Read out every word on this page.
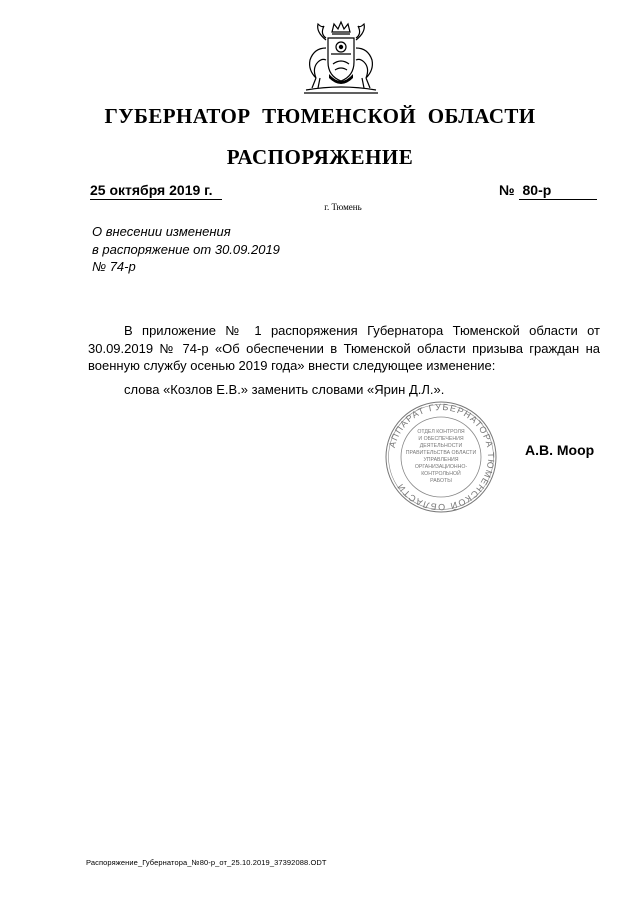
ГУБЕРНАТОР ТЮМЕНСКОЙ ОБЛАСТИ
РАСПОРЯЖЕНИЕ
25 октября 2019 г.	№ 80-р
г. Тюмень
О внесении изменения
в распоряжение от 30.09.2019
№ 74-р

В приложение № 1 распоряжения Губернатора Тюменской области от 30.09.2019 № 74-р «Об обеспечении в Тюменской области призыва граждан на военную службу осенью 2019 года» внести следующее изменение:

слова «Козлов Е.В.» заменить словами «Ярин Д.Л.».

АППАРАТ ГУБЕРНАТОРА ТЮМЕНСКОЙ ОБЛАСТИ
ОТДЕЛ КОНТРОЛЯ
И ОБЕСПЕЧЕНИЯ
ДЕЯТЕЛЬНОСТИ
ПРАВИТЕЛЬСТВА ОБЛАСТИ
УПРАВЛЕНИЯ
ОРГАНИЗАЦИОННО-
КОНТРОЛЬНОЙ
РАБОТЫ
А.В. Моор
Распоряжение_Губернатора_№80-р_от_25.10.2019_37392088.ODT
